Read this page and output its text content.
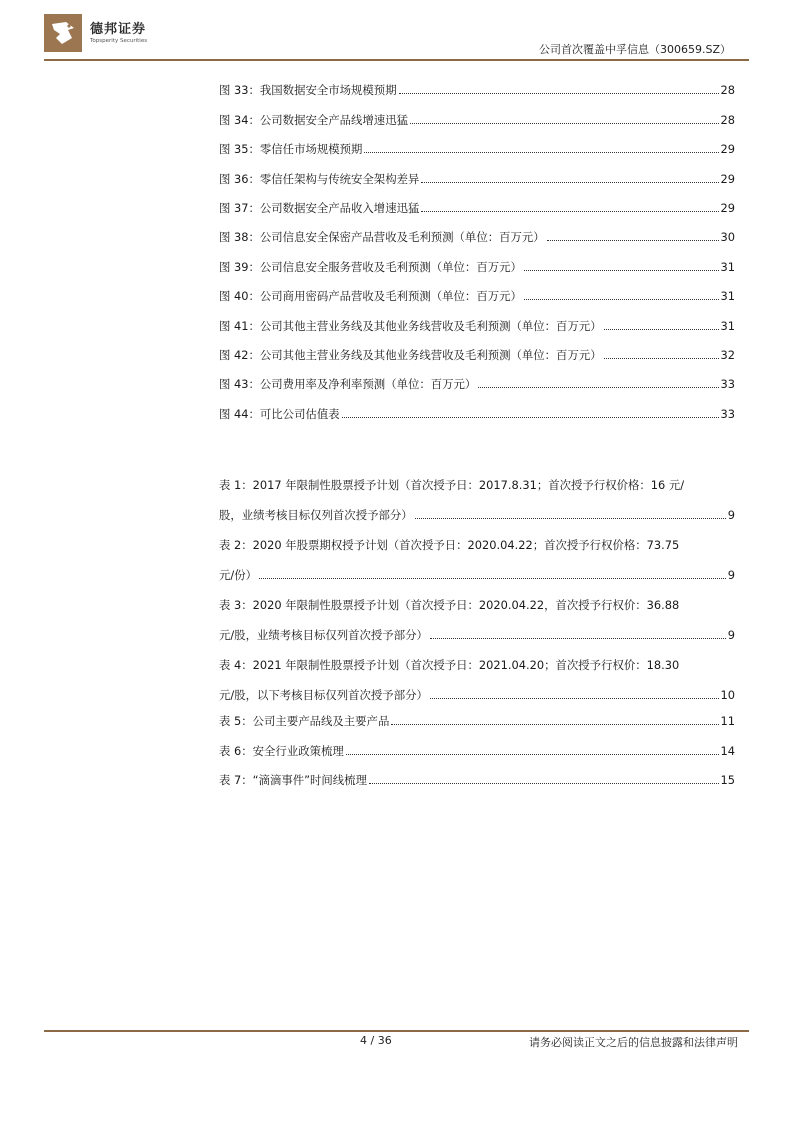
德邦证券
Topsperity Securities
公司首次覆盖中孚信息（300659.SZ）
图 33：我国数据安全市场规模预期	28
图 34：公司数据安全产品线增速迅猛	28
图 35：零信任市场规模预期	29
图 36：零信任架构与传统安全架构差异	29
图 37：公司数据安全产品收入增速迅猛	29
图 38：公司信息安全保密产品营收及毛利预测（单位：百万元）	30
图 39：公司信息安全服务营收及毛利预测（单位：百万元）	31
图 40：公司商用密码产品营收及毛利预测（单位：百万元）	31
图 41：公司其他主营业务线及其他业务线营收及毛利预测（单位：百万元）	31
图 42：公司其他主营业务线及其他业务线营收及毛利预测（单位：百万元）	32
图 43：公司费用率及净利率预测（单位：百万元）	33
图 44：可比公司估值表	33
表 1：2017 年限制性股票授予计划（首次授予日：2017.8.31；首次授予行权价格：16 元/
股，业绩考核目标仅列首次授予部分）	9
表 2：2020 年股票期权授予计划（首次授予日：2020.04.22；首次授予行权价格：73.75
元/份）	9
表 3：2020 年限制性股票授予计划（首次授予日：2020.04.22，首次授予行权价：36.88
元/股，业绩考核目标仅列首次授予部分）	9
表 4：2021 年限制性股票授予计划（首次授予日：2021.04.20；首次授予行权价：18.30
元/股，以下考核目标仅列首次授予部分）	10
表 5：公司主要产品线及主要产品	11
表 6：安全行业政策梳理	14
表 7：“滴滴事件”时间线梳理	15
4 / 36	请务必阅读正文之后的信息披露和法律声明
